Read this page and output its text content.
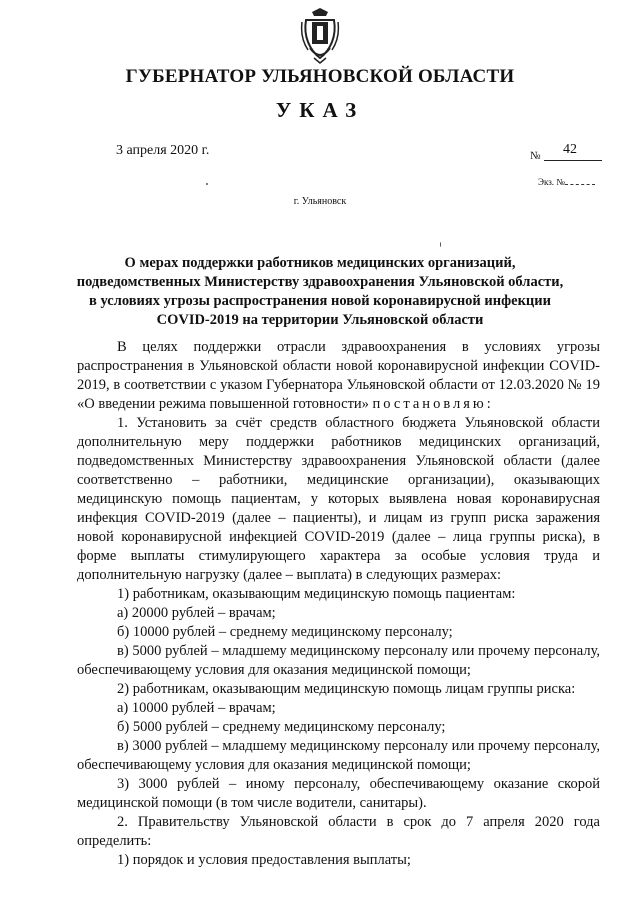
ГУБЕРНАТОР УЛЬЯНОВСКОЙ ОБЛАСТИ
УКАЗ
3 апреля 2020 г.	№ 42
Экз. №
г. Ульяновск
О мерах поддержки работников медицинских организаций,
подведомственных Министерству здравоохранения Ульяновской области,
в условиях угрозы распространения новой коронавирусной инфекции
COVID-2019 на территории Ульяновской области

В целях поддержки отрасли здравоохранения в условиях угрозы распространения в Ульяновской области новой коронавирусной инфекции COVID-2019, в соответствии с указом Губернатора Ульяновской области от 12.03.2020 № 19 «О введении режима повышенной готовности» постановляю:

1. Установить за счёт средств областного бюджета Ульяновской области дополнительную меру поддержки работников медицинских организаций, подведомственных Министерству здравоохранения Ульяновской области (далее соответственно – работники, медицинские организации), оказывающих медицинскую помощь пациентам, у которых выявлена новая коронавирусная инфекция COVID-2019 (далее – пациенты), и лицам из групп риска заражения новой коронавирусной инфекцией COVID-2019 (далее – лица группы риска), в форме выплаты стимулирующего характера за особые условия труда и дополнительную нагрузку (далее – выплата) в следующих размерах:

1) работникам, оказывающим медицинскую помощь пациентам:

а) 20000 рублей – врачам;

б) 10000 рублей – среднему медицинскому персоналу;

в) 5000 рублей – младшему медицинскому персоналу или прочему персоналу, обеспечивающему условия для оказания медицинской помощи;

2) работникам, оказывающим медицинскую помощь лицам группы риска:

а) 10000 рублей – врачам;

б) 5000 рублей – среднему медицинскому персоналу;

в) 3000 рублей – младшему медицинскому персоналу или прочему персоналу, обеспечивающему условия для оказания медицинской помощи;

3) 3000 рублей – иному персоналу, обеспечивающему оказание скорой медицинской помощи (в том числе водители, санитары).

2. Правительству Ульяновской области в срок до 7 апреля 2020 года определить:

1) порядок и условия предоставления выплаты;
